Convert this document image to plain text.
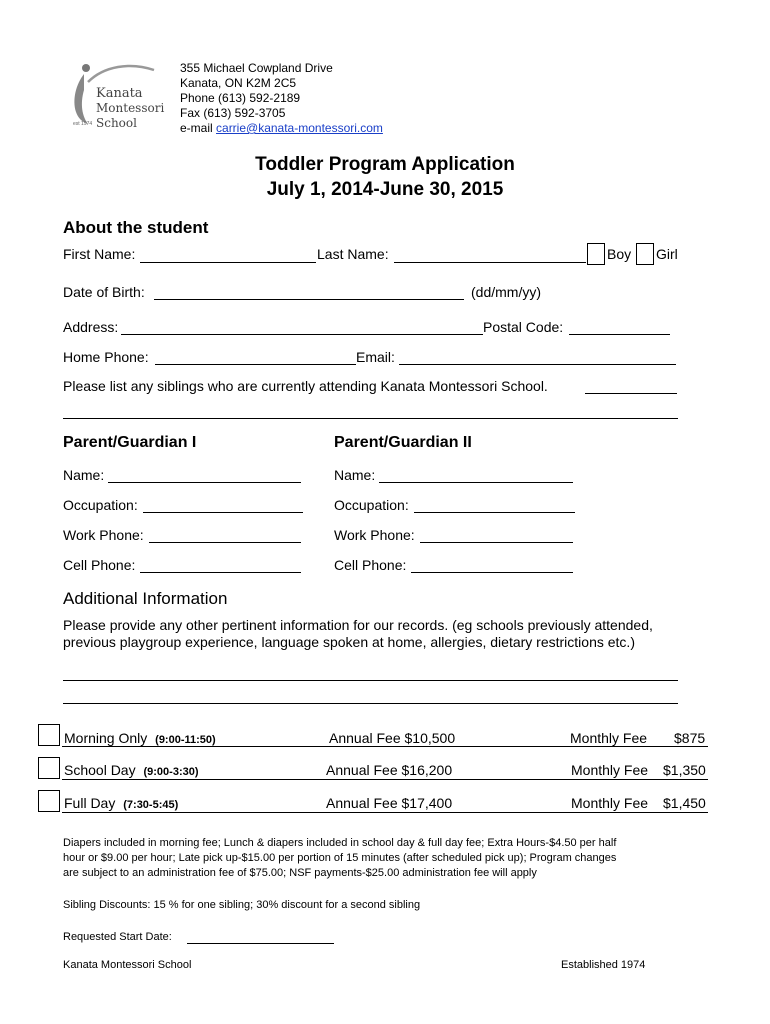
Kanata
Montessori
est 1974 School
355 Michael Cowpland Drive
Kanata, ON K2M 2C5
Phone (613) 592-2189
Fax (613) 592-3705
e-mail carrie@kanata-montessori.com
Toddler Program Application
July 1, 2014-June 30, 2015
About the student
First Name:	Last Name:	Boy Girl
Date of Birth:	(dd/mm/yy)
Address:	Postal Code:
Home Phone:	Email:
Please list any siblings who are currently attending Kanata Montessori School.
Parent/Guardian I	Parent/Guardian II
Name:	Name:
Occupation:	Occupation:
Work Phone:	Work Phone:
Cell Phone:	Cell Phone:
Additional Information
Please provide any other pertinent information for our records. (eg schools previously attended,
previous playgroup experience, language spoken at home, allergies, dietary restrictions etc.)
Morning Only (9:00-11:50)	Annual Fee $10,500	Monthly Fee $875
School Day (9:00-3:30)	Annual Fee $16,200	Monthly Fee $1,350
Full Day (7:30-5:45)	Annual Fee $17,400	Monthly Fee $1,450
Diapers included in morning fee; Lunch & diapers included in school day & full day fee; Extra Hours-$4.50 per half
hour or $9.00 per hour; Late pick up-$15.00 per portion of 15 minutes (after scheduled pick up); Program changes
are subject to an administration fee of $75.00; NSF payments-$25.00 administration fee will apply
Sibling Discounts: 15 % for one sibling; 30% discount for a second sibling
Requested Start Date:
Kanata Montessori School	Established 1974
